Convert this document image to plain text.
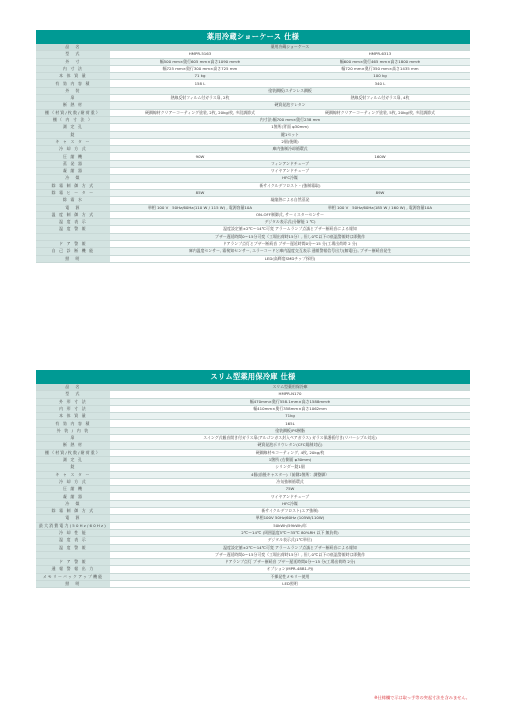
薬用冷蔵ショーケース 仕様
品　名	薬用冷蔵ショーケース	
型　式	HMPR-5163	HMPR-6313
外　寸	幅500 mm×奥行605 mm×高さ1090 mm※	幅600 mm×奥行465 mm×高さ1800 mm※
内 寸 法	幅725 mm×奥行300 mm×高さ725 mm	幅720 mm×奥行350 mm×高さ1435 mm
本 体 質 量	71 kg	100 kg
有 効 内 容 積	158 L	340 L
外　装	塗装鋼板/ステンレス鋼板	
扉	熱線反射フィルム付ガラス扉, 2枚	熱線反射フィルム付ガラス扉, 4枚
断 熱 材	硬質発泡ウレタン	
棚（材質/枚数/耐荷重）	硬鋼線材クリアーコーティング塗装, 2枚, 20kg/枚, 多段調節式	硬鋼線材クリアーコーティング塗装, 5枚, 20kg/枚, 多段調節式
棚（ 内 寸 法 ）	内寸法:幅700 mm×奥行238 mm	
測 定 孔	1箇所(背面 φ30mm)	
錠	鍵1セット	
キ ャ ス タ ー	2個(後側)	
冷 却 方 式	庫内強制冷却循環式	
圧 縮 機	90W	160W
蒸 発 器	フィンアンドチューブ	
凝 縮 器	ワイヤアンドチューブ	
冷　媒	HFC冷媒	
除 霜 制 御 方 式	新サイクルデフロスト・(強制霜取)	
除 霜 ヒ ー タ ー	85W	89W
除 霜 水	凝縮熱による自然蒸発	
電　源	単相 100 V　50Hz/60Hz(110 W / 115 W) , 電源容量10A	単相 100 V　50Hz/60Hz(185 W / 160 W) , 電源容量10A
温 度 制 御 方 式	ON-OFF制御式, サーミスターセンサー	
温 度 表 示	デジタル表示式(分解能 1 ℃)	
温 度 警 報	温度設定値±2℃〜14℃可変 アラームランプ点滅とブザー断続音による報知	
	ブザー遅延時間0〜15分可変（工場出荷時15分）, 但し0℃以下の低温警報時は即動作	
ド ア 警 報	ドアランプ点灯とブザー断続音 ブザー遅延時間0分〜15 分(工場出荷時 2 分)	
自 己 診 断 機 能	庫内温度センサー, 霜検知センサー, エラーコードと庫内温度交互表示 通報警報信号出力(無電圧), ブザー断続音発生	
照　明	LED(高輝度SMDチップ採用)	
スリム型薬用保冷庫 仕様
品　名	スリム型薬用保冷庫
型　式	HMPR-N170
外 形 寸 法	幅470mm×奥行558.1mm×高さ1588mm※
内 形 寸 法	幅410mm×奥行358mm×高さ1062mm
本 体 質 量	71kg
有 効 内 容 積	165L
外 装 / 内 装	塗装鋼板/PS樹脂
扉	スイング式観音開き付ガラス扉(アルゴンガス封入ペアガラス) ガラス保護板付き(リバーシブル対応)
断 熱 材	硬質発泡ポリウレタン(CFC規制対応)
棚（材質/枚数/耐荷重）	硬鋼線材モコーティング, 4枚, 20kg/枚
測 定 孔	1箇所 (右側面 φ30mm)
錠	シリンダー錠1個
キ ャ ス タ ー	4個(前後キャスター)（前側2箇所：調整脚）
冷 却 方 式	冷気強制循環式
圧 縮 機	75W
凝 縮 器	ワイヤアンドチューブ
冷　媒	HFC冷媒
除 霜 制 御 方 式	新サイクルデフロスト(エア強制)
電　源	単相100V 50Hz/60Hz (105W/110W)
最大消費電力(50Hz/60Hz)	50kWh/59kWh/年
冷 却 性 能	2℃〜14℃ (周囲温度5℃〜35℃ 80%RH 以下 無負荷)
温 度 表 示	デジタル表示式(1℃単位)
温 度 警 報	温度設定値±2℃〜14℃可変 アラームランプ点滅とブザー断続音による報知
	ブザー遅延時間0〜15分可変（工場出荷時15分）, 但し0℃以下の低温警報時は即動作
ド ア 警 報	ドアランプ点灯 ブザー断続音 ブザー遅延時間0分〜15 分(工場出荷時 2分)
通 報 警 報 出 力	オプション(MPR-48B1-PJ)
メモリーバックアップ機能	不揮発性メモリー使用
照　明	LED照明
※仕様欄で示は取っ手等の突起寸法を含みません。
